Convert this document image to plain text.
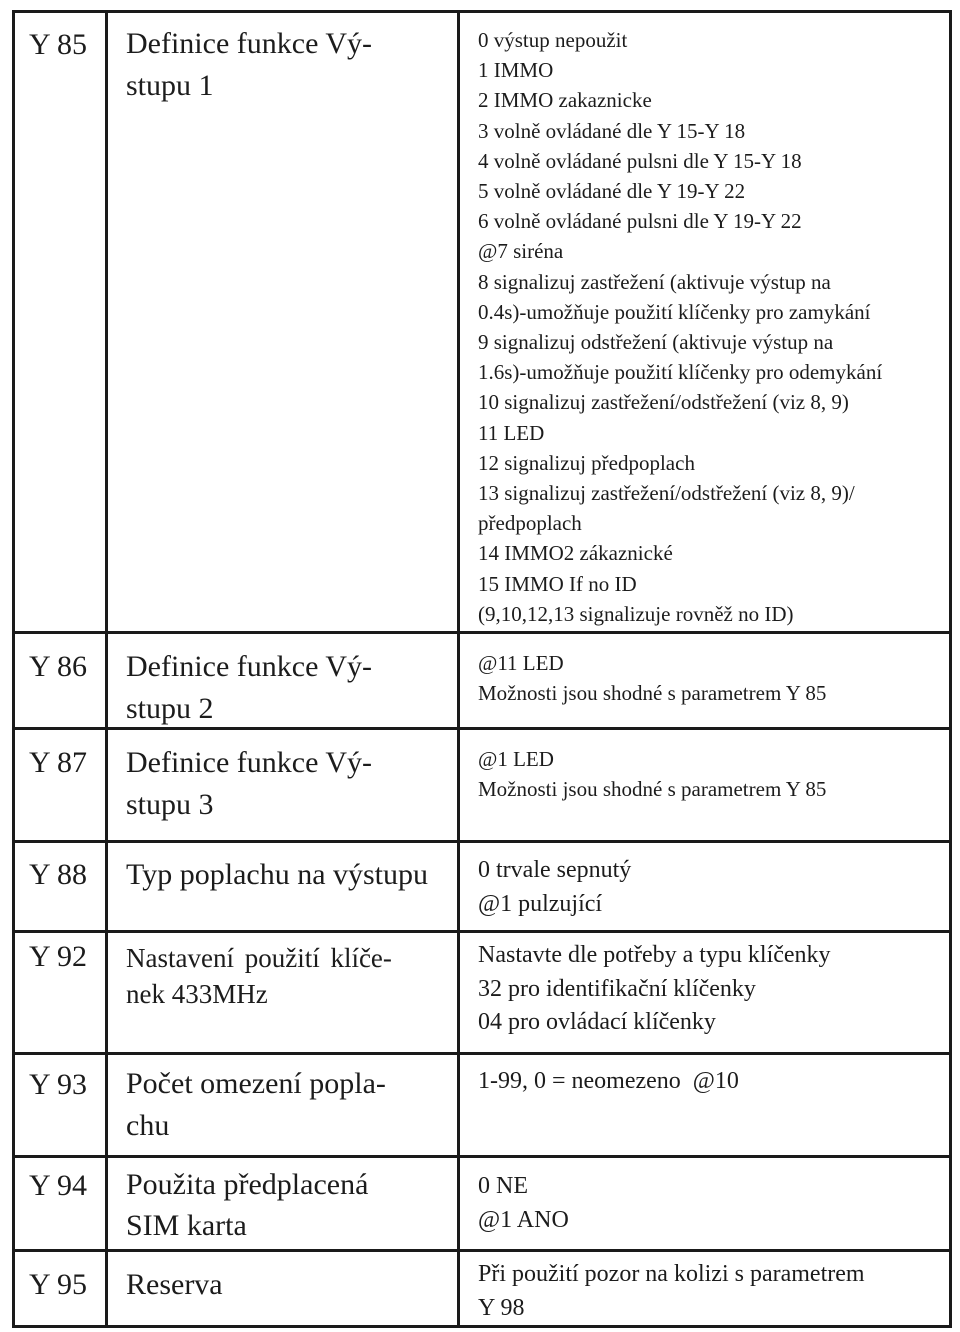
Y 85 Definice funkce Vý-
stupu 1
0 výstup nepoužit
1 IMMO
2 IMMO zakaznicke
3 volně ovládané dle Y 15-Y 18
4 volně ovládané pulsni dle Y 15-Y 18
5 volně ovládané dle Y 19-Y 22
6 volně ovládané pulsni dle Y 19-Y 22
@7 siréna
8 signalizuj zastřežení (aktivuje výstup na
0.4s)-umožňuje použití klíčenky pro zamykání
9 signalizuj odstřežení (aktivuje výstup na
1.6s)-umožňuje použití klíčenky pro odemykání
10 signalizuj zastřežení/odstřežení (viz 8, 9)
11 LED
12 signalizuj předpoplach
13 signalizuj zastřežení/odstřežení (viz 8, 9)/
předpoplach
14 IMMO2 zákaznické
15 IMMO If no ID
(9,10,12,13 signalizuje rovněž no ID)
Y 86 Definice funkce Vý-
stupu 2
@11 LED
Možnosti jsou shodné s parametrem Y 85
Y 87 Definice funkce Vý-
stupu 3
@1 LED
Možnosti jsou shodné s parametrem Y 85
Y 88 Typ poplachu na výstupu 0 trvale sepnutý
@1 pulzující
Y 92 Nastavení použití klíče-
nek 433MHz
Nastavte dle potřeby a typu klíčenky
32 pro identifikační klíčenky
04 pro ovládací klíčenky
Y 93 Počet omezení popla-
chu
1-99, 0 = neomezeno  @10
Y 94 Použita předplacená
SIM karta
0 NE
@1 ANO
Y 95 Reserva	Při použití pozor na kolizi s parametrem
Y 98
